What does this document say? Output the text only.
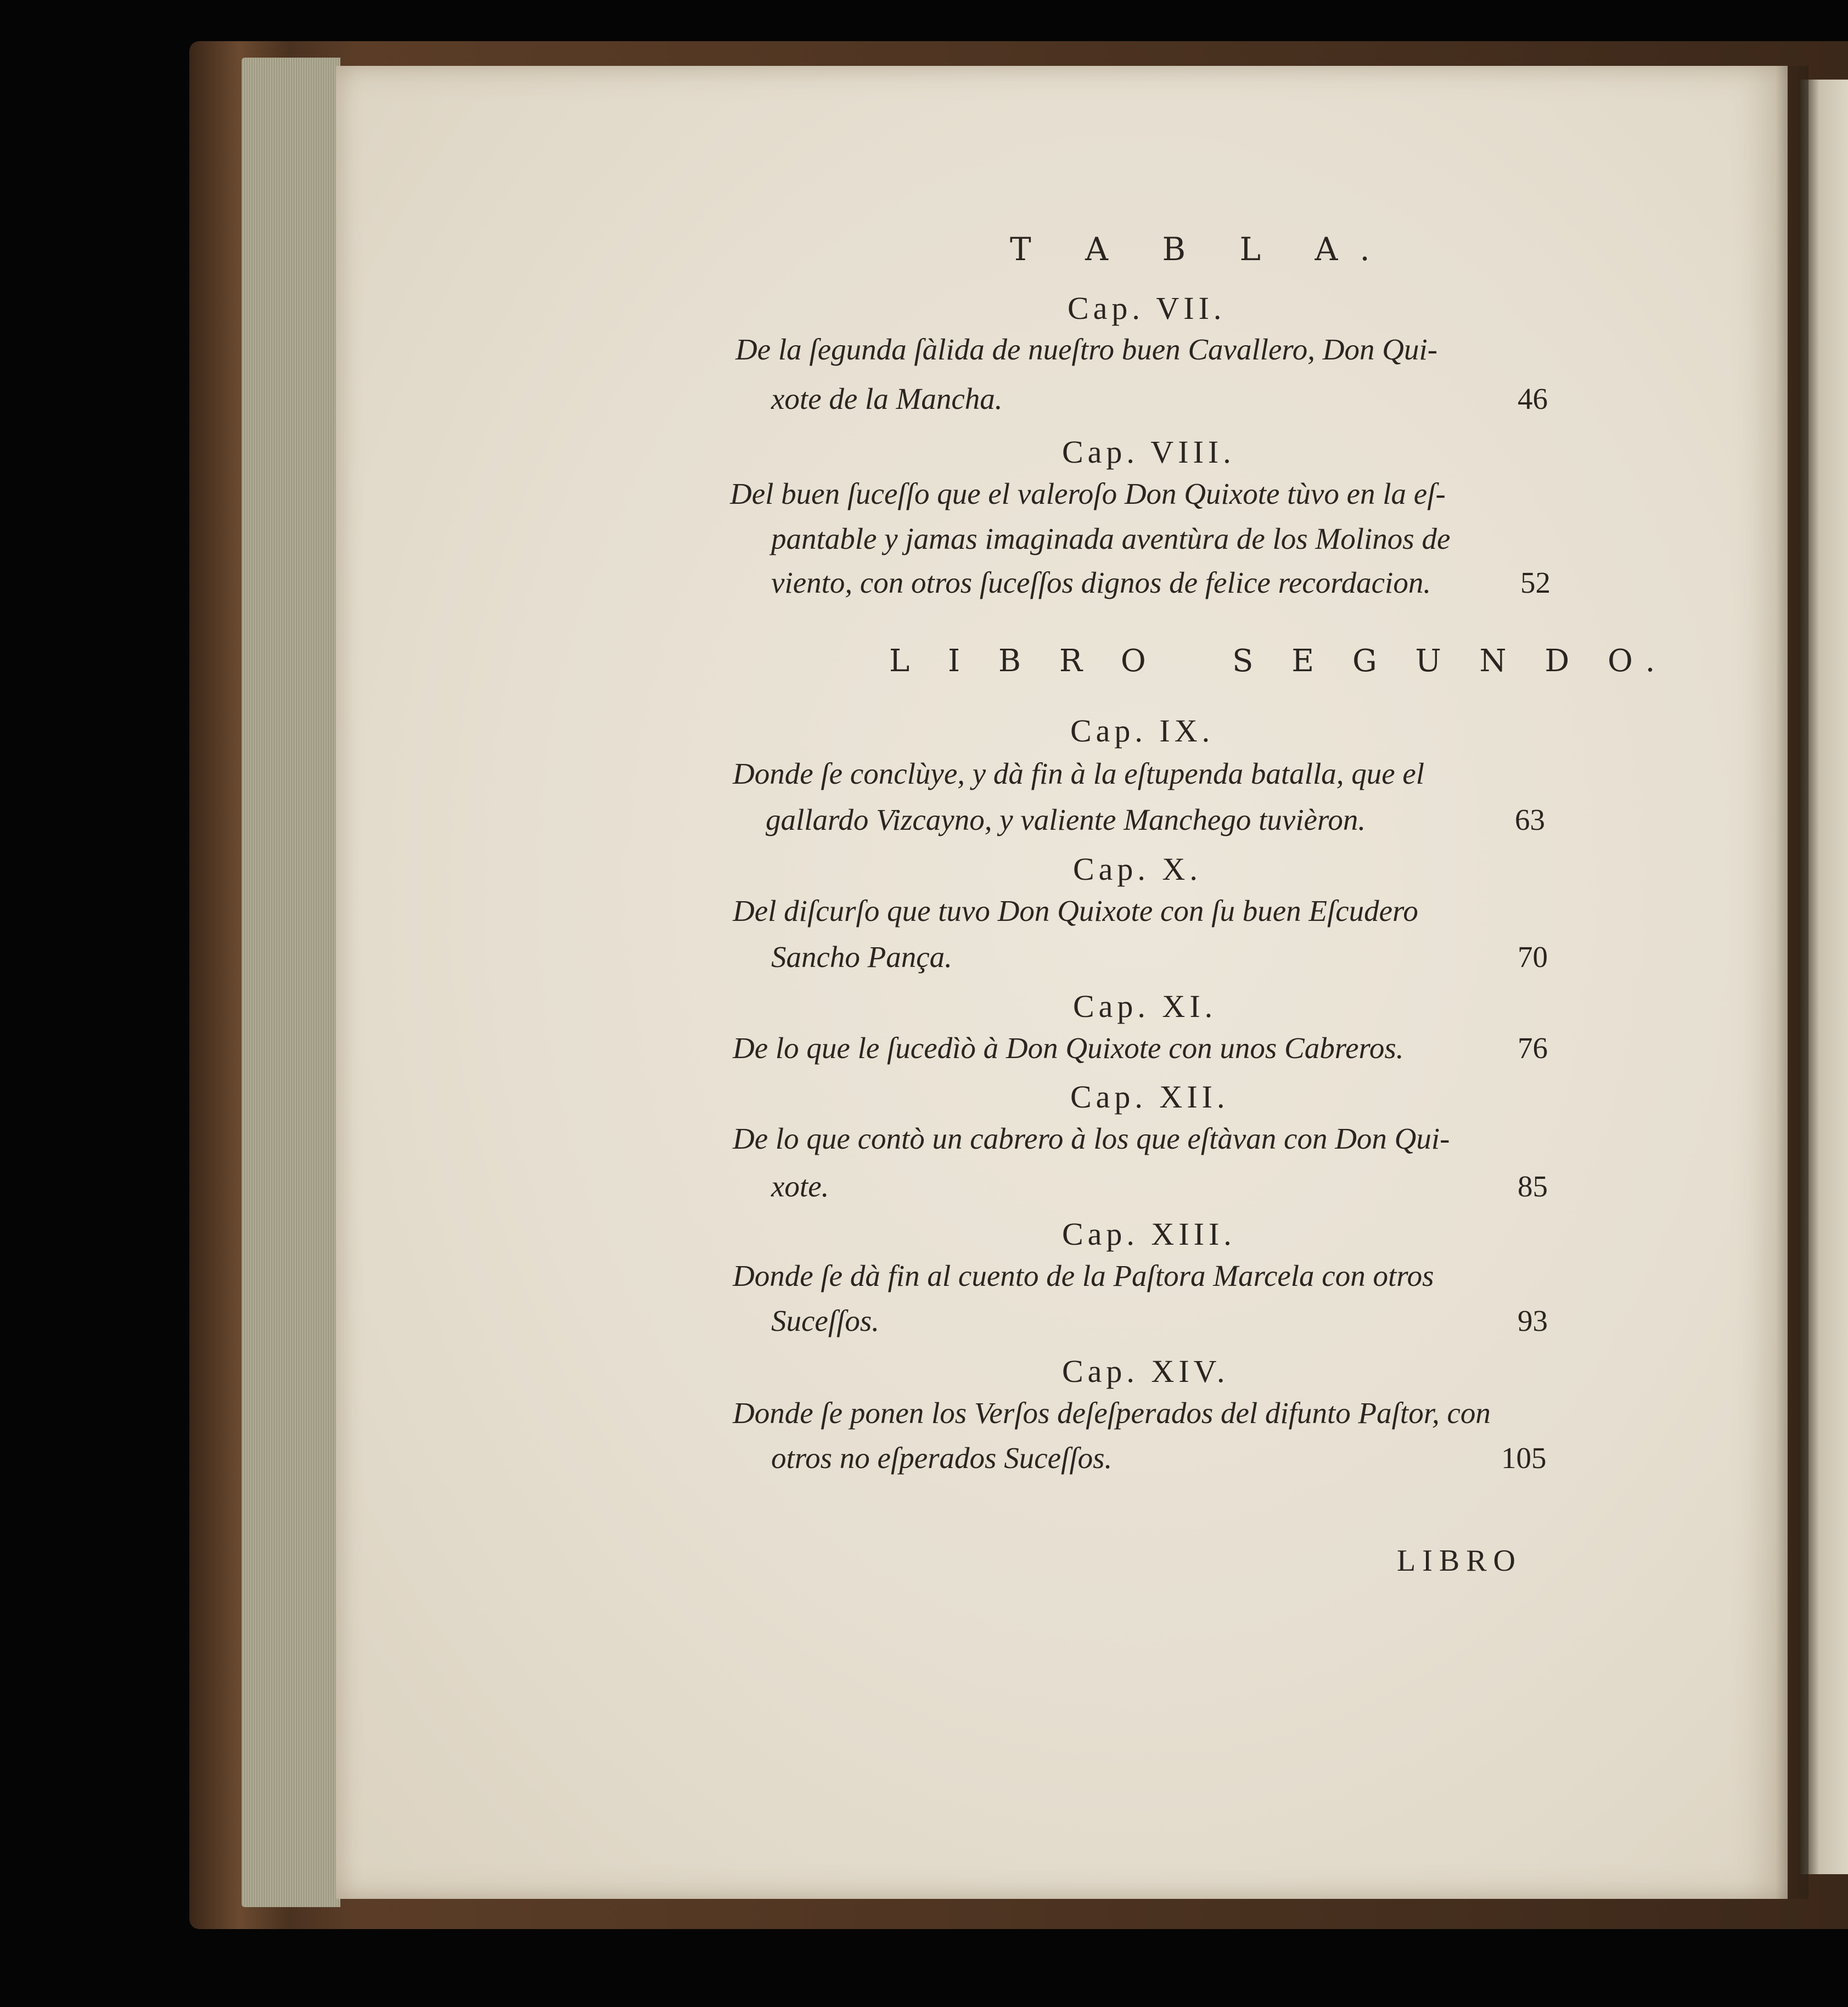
T A B L A.
Cap. VII.
De la ſegunda ſàlida de nueſtro buen Cavallero, Don Qui-
xote de la Mancha.	46
Cap. VIII.
Del buen ſuceſſo que el valeroſo Don Quixote tùvo en la eſ-
pantable y jamas imaginada aventùra de los Molinos de
viento, con otros ſuceſſos dignos de felice recordacion.	52
L I B R O   S E G U N D O.
Cap. IX.
Donde ſe conclùye, y dà fin à la eſtupenda batalla, que el
gallardo Vizcayno, y valiente Manchego tuvièron.	63
Cap. X.
Del diſcurſo que tuvo Don Quixote con ſu buen Eſcudero
Sancho Pança.	70
Cap. XI.
De lo que le ſucedìò à Don Quixote con unos Cabreros.	76
Cap. XII.
De lo que contò un cabrero à los que eſtàvan con Don Qui-
xote.	85
Cap. XIII.
Donde ſe dà fin al cuento de la Paſtora Marcela con otros
Suceſſos.	93
Cap. XIV.
Donde ſe ponen los Verſos deſeſperados del difunto Paſtor, con
otros no eſperados Suceſſos.	105
LIBRO
